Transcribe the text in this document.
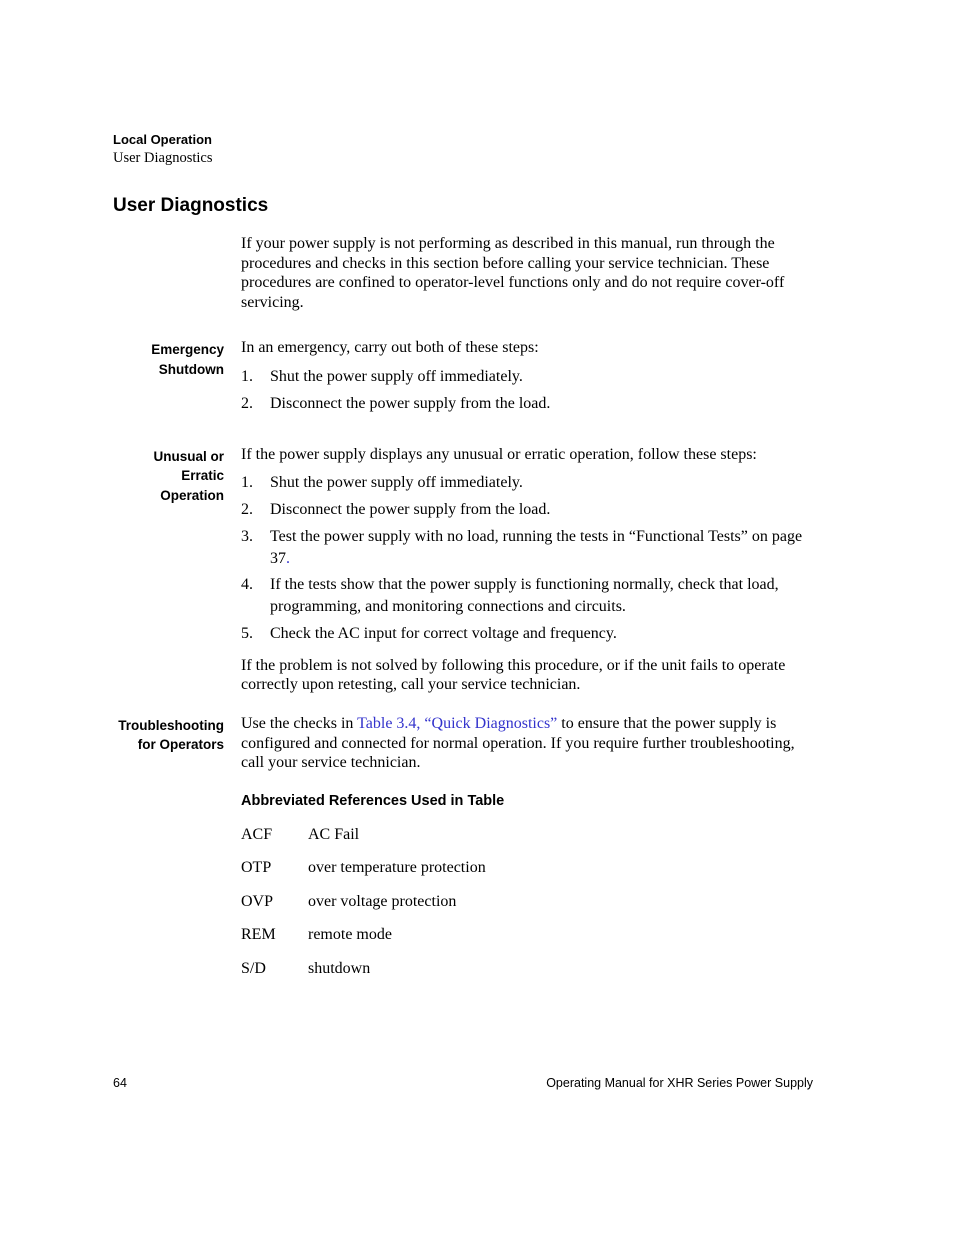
Local Operation
User Diagnostics
User Diagnostics

If your power supply is not performing as described in this manual, run through the procedures and checks in this section before calling your service technician. These procedures are confined to operator-level functions only and do not require cover-off servicing.

Emergency
Shutdown

In an emergency, carry out both of these steps:

1.	Shut the power supply off immediately.
2.	Disconnect the power supply from the load.
Unusual or
Erratic
Operation

If the power supply displays any unusual or erratic operation, follow these steps:

1.	Shut the power supply off immediately.
2.	Disconnect the power supply from the load.
3.	Test the power supply with no load, running the tests in “Functional Tests” on page 37.
4.	If the tests show that the power supply is functioning normally, check that load, programming, and monitoring connections and circuits.
5.	Check the AC input for correct voltage and frequency.

If the problem is not solved by following this procedure, or if the unit fails to operate correctly upon retesting, call your service technician.

Troubleshooting
for Operators

Use the checks in Table 3.4, “Quick Diagnostics” to ensure that the power supply is configured and connected for normal operation. If you require further troubleshooting, call your service technician.

Abbreviated References Used in Table
ACF	AC Fail
OTP	over temperature protection
OVP	over voltage protection
REM	remote mode
S/D	shutdown
64	Operating Manual for XHR Series Power Supply
